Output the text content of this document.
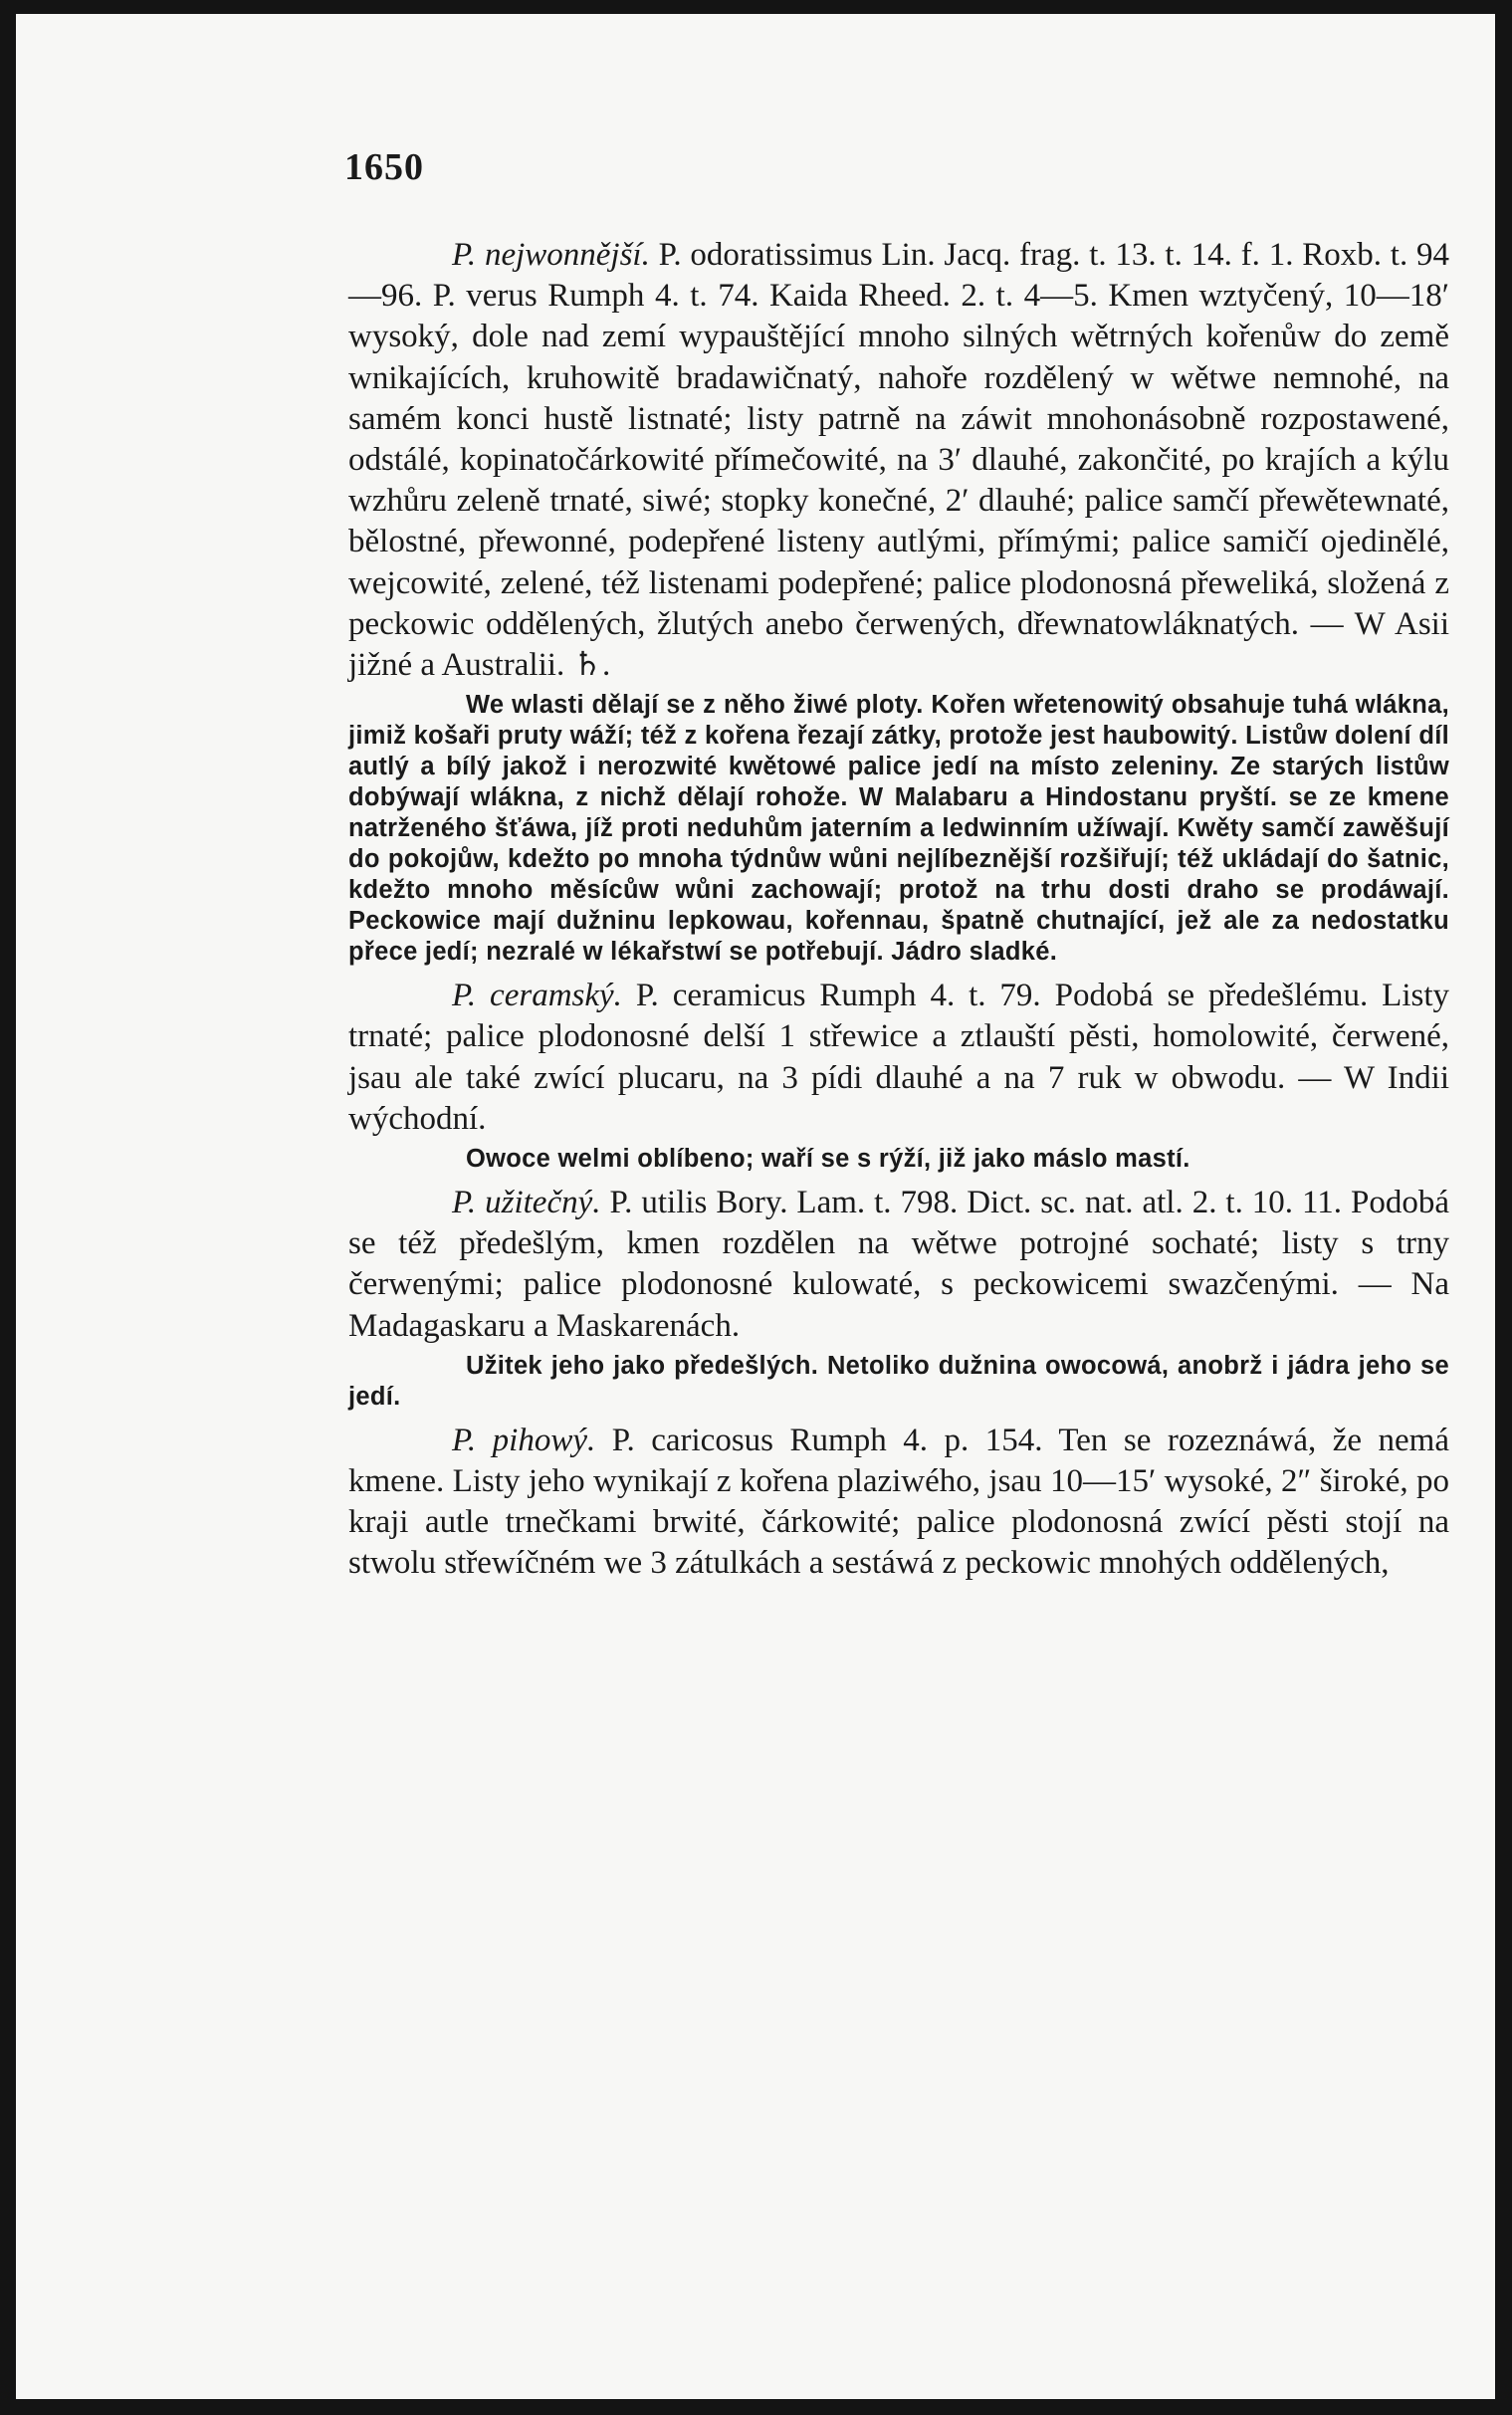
1650

P. nejwonnější. P. odoratissimus Lin. Jacq. frag. t. 13. t. 14. f. 1. Roxb. t. 94—96. P. verus Rumph 4. t. 74. Kaida Rheed. 2. t. 4—5. Kmen wztyčený, 10—18′ wysoký, dole nad zemí wypauštějící mnoho silných wětrných kořenůw do země wnikajících, kruhowitě bradawičnatý, nahoře rozdělený w wětwe nemnohé, na samém konci hustě listnaté; listy patrně na záwit mnohonásobně rozpostawené, odstálé, kopinatočárkowité přímečowité, na 3′ dlauhé, zakončité, po krajích a kýlu wzhůru zeleně trnaté, siwé; stopky konečné, 2′ dlauhé; palice samčí přewětewnaté, bělostné, přewonné, podepřené listeny autlými, přímými; palice samičí ojedinělé, wejcowité, zelené, též listenami podepřené; palice plodonosná přeweliká, složená z peckowic oddělených, žlutých anebo čerwených, dřewnatowláknatých. — W Asii jižné a Australii. ♄.

We wlasti dělají se z něho žiwé ploty. Kořen wřetenowitý obsahuje tuhá wlákna, jimiž košaři pruty wáží; též z kořena řezají zátky, protože jest haubowitý. Listůw dolení díl autlý a bílý jakož i nerozwité kwětowé palice jedí na místo zeleniny. Ze starých listůw dobýwají wlákna, z nichž dělají rohože. W Malabaru a Hindostanu pryští. se ze kmene natrženého šťáwa, jíž proti neduhům jaterním a ledwinním užíwají. Kwěty samčí zawěšují do pokojůw, kdežto po mnoha týdnůw wůni nejlíbeznější rozšiřují; též ukládají do šatnic, kdežto mnoho měsícůw wůni zachowají; protož na trhu dosti draho se prodáwají. Peckowice mají dužninu lepkowau, kořennau, špatně chutnající, jež ale za nedostatku přece jedí; nezralé w lékařstwí se potřebují. Jádro sladké.

P. ceramský. P. ceramicus Rumph 4. t. 79. Podobá se předešlému. Listy trnaté; palice plodonosné delší 1 střewice a ztlauští pěsti, homolowité, čerwené, jsau ale také zwící plucaru, na 3 pídi dlauhé a na 7 ruk w obwodu. — W Indii wýchodní.

Owoce welmi oblíbeno; waří se s rýží, již jako máslo mastí.

P. užitečný. P. utilis Bory. Lam. t. 798. Dict. sc. nat. atl. 2. t. 10. 11. Podobá se též předešlým, kmen rozdělen na wětwe potrojné sochaté; listy s trny čerwenými; palice plodonosné kulowaté, s peckowicemi swazčenými. — Na Madagaskaru a Maskarenách.

Užitek jeho jako předešlých. Netoliko dužnina owocowá, anobrž i jádra jeho se jedí.

P. pihowý. P. caricosus Rumph 4. p. 154. Ten se rozeznáwá, že nemá kmene. Listy jeho wynikají z kořena plaziwého, jsau 10—15′ wysoké, 2″ široké, po kraji autle trnečkami brwité, čárkowité; palice plodonosná zwící pěsti stojí na stwolu střewíčném we 3 zátulkách a sestáwá z peckowic mnohých oddělených,
